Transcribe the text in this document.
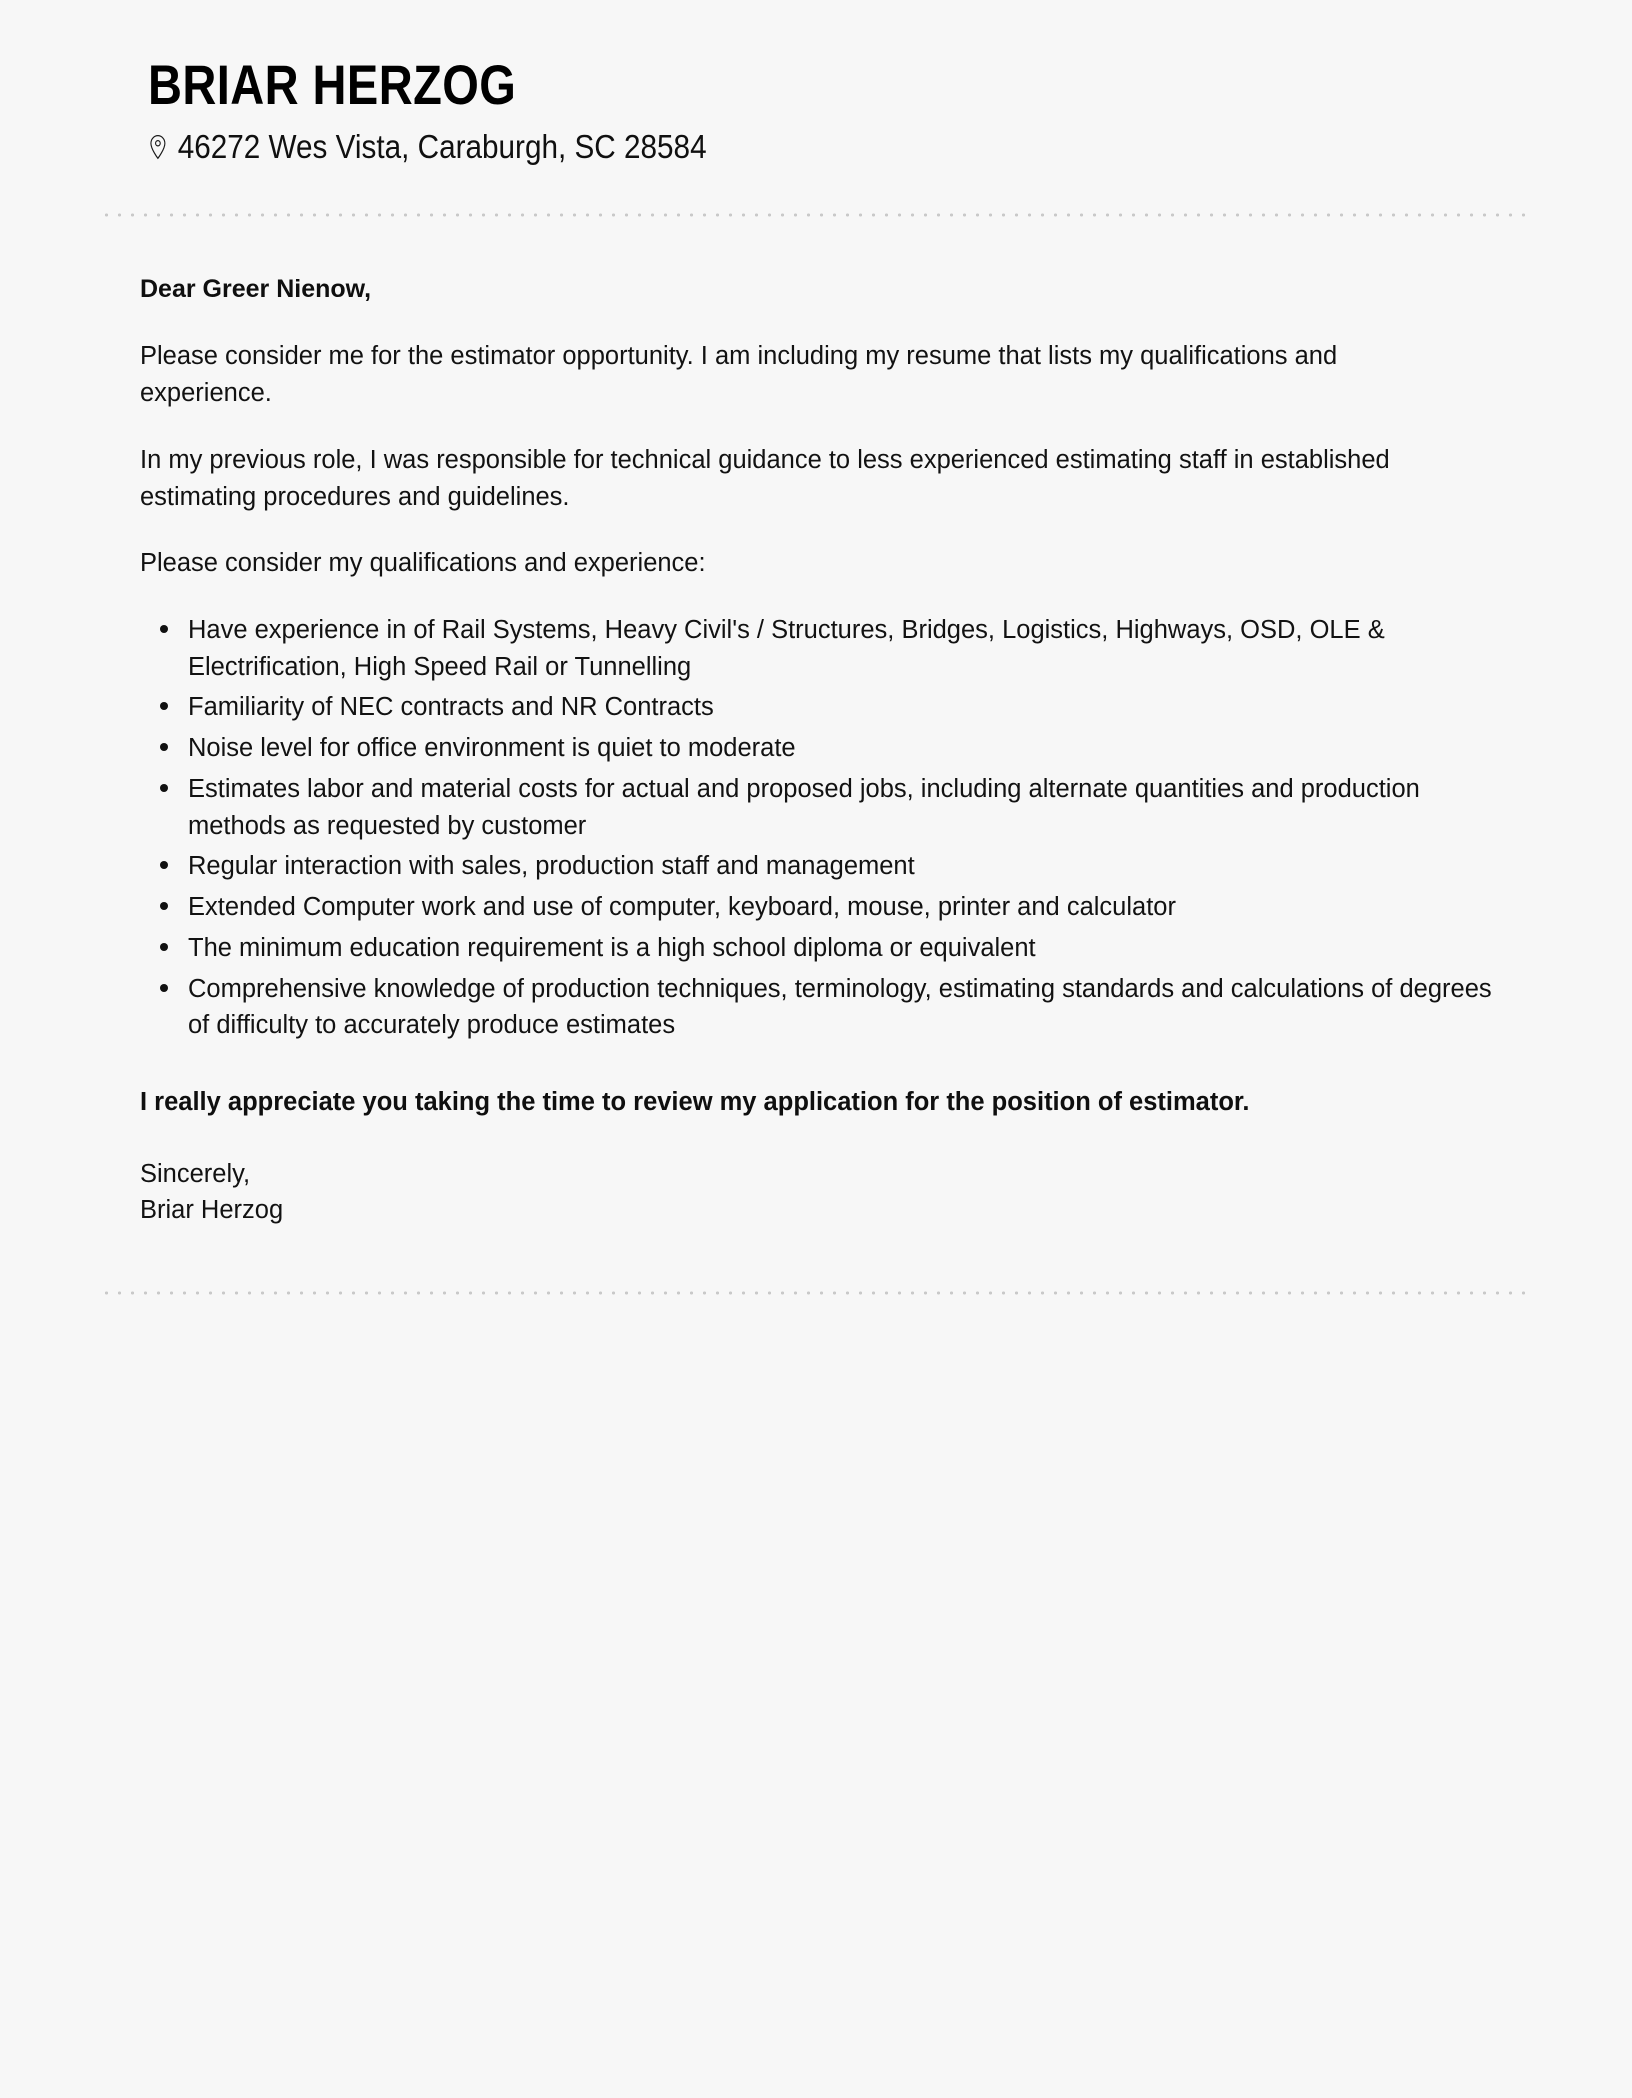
BRIAR HERZOG
46272 Wes Vista, Caraburgh, SC 28584

Dear Greer Nienow,

Please consider me for the estimator opportunity. I am including my resume that lists my qualifications and experience.

In my previous role, I was responsible for technical guidance to less experienced estimating staff in established estimating procedures and guidelines.

Please consider my qualifications and experience:

Have experience in of Rail Systems, Heavy Civil's / Structures, Bridges, Logistics, Highways, OSD, OLE & Electrification, High Speed Rail or Tunnelling
Familiarity of NEC contracts and NR Contracts
Noise level for office environment is quiet to moderate
Estimates labor and material costs for actual and proposed jobs, including alternate quantities and production methods as requested by customer
Regular interaction with sales, production staff and management
Extended Computer work and use of computer, keyboard, mouse, printer and calculator
The minimum education requirement is a high school diploma or equivalent
Comprehensive knowledge of production techniques, terminology, estimating standards and calculations of degrees of difficulty to accurately produce estimates

I really appreciate you taking the time to review my application for the position of estimator.

Sincerely,
Briar Herzog
